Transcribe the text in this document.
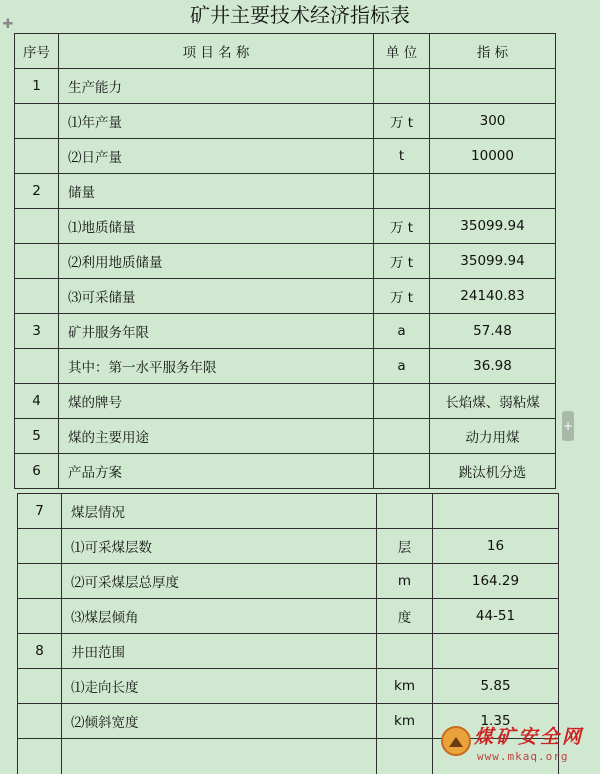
矿井主要技术经济指标表
✚
序号	项 目 名 称	单 位	指 标
1	生产能力		
	⑴年产量	万 t	300
	⑵日产量	t	10000
2	储量		
	⑴地质储量	万 t	35099.94
	⑵利用地质储量	万 t	35099.94
	⑶可采储量	万 t	24140.83
3	矿井服务年限	a	57.48
	其中：第一水平服务年限	a	36.98
4	煤的牌号		长焰煤、弱粘煤
5	煤的主要用途		动力用煤
6	产品方案		跳汰机分选
7	煤层情况		
	⑴可采煤层数	层	16
	⑵可采煤层总厚度	m	164.29
	⑶煤层倾角	度	44-51
8	井田范围		
	⑴走向长度	km	5.85
	⑵倾斜宽度	km	1.35

+
煤矿安全网
www.mkaq.org
